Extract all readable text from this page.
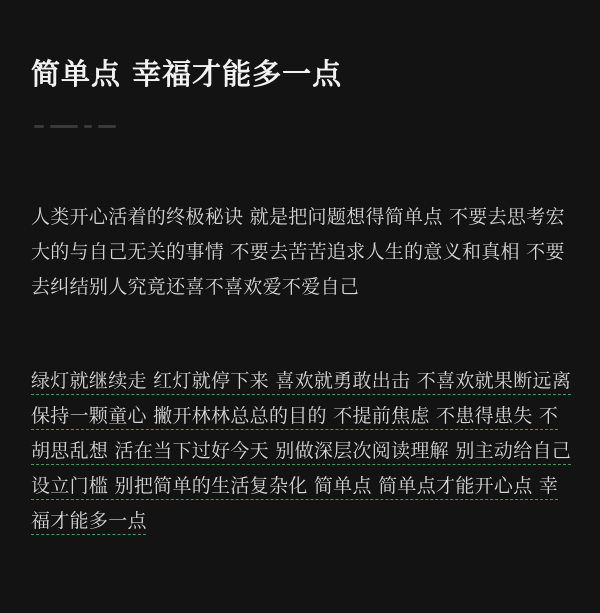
简单点 幸福才能多一点

人类开心活着的终极秘诀 就是把问题想得简单点 不要去思考宏大的与自己无关的事情 不要去苦苦追求人生的意义和真相 不要去纠结别人究竟还喜不喜欢爱不爱自己

绿灯就继续走 红灯就停下来 喜欢就勇敢出击 不喜欢就果断远离 保持一颗童心 撇开林林总总的目的 不提前焦虑 不患得患失 不胡思乱想 活在当下过好今天 别做深层次阅读理解 别主动给自己设立门槛 别把简单的生活复杂化 简单点 简单点才能开心点 幸福才能多一点
